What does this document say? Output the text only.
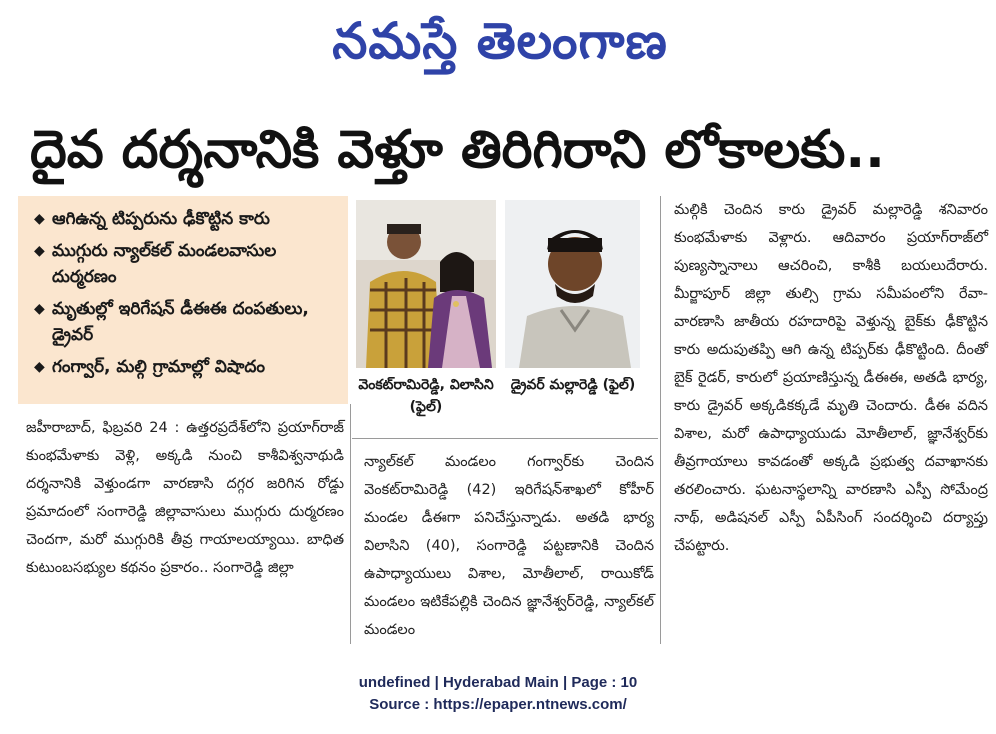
నమస్తే తెలంగాణ
దైవ దర్శనానికి వెళ్తూ తిరిగిరాని లోకాలకు..
◆ ఆగిఉన్న టిప్పరును ఢీకొట్టిన కారు
◆ ముగ్గురు న్యాల్‌కల్ మండలవాసుల దుర్మరణం
◆ మృతుల్లో ఇరిగేషన్ డీఈఈ దంపతులు, డ్రైవర్
◆ గంగ్వార్, మల్గి గ్రామాల్లో విషాదం
వెంకట్‌రామిరెడ్డి, విలాసిని (ఫైల్)
డ్రైవర్ మల్లారెడ్డి (ఫైల్)

జహీరాబాద్, ఫిబ్రవరి 24 : ఉత్తరప్రదేశ్‌లోని ప్రయాగ్‌రాజ్ కుంభమేళాకు వెళ్లి, అక్కడి నుంచి కాశీవిశ్వనాథుడి దర్శనానికి వెళ్తుండగా వారణాసి దగ్గర జరిగిన రోడ్డు ప్రమాదంలో సంగారెడ్డి జిల్లావాసులు ముగ్గురు దుర్మరణం చెందగా, మరో ముగ్గురికి తీవ్ర గాయాలయ్యాయి. బాధిత కుటుంబసభ్యుల కథనం ప్రకారం.. సంగారెడ్డి జిల్లా

న్యాల్‌కల్ మండలం గంగ్వార్‌కు చెందిన వెంకట్‌రామిరెడ్డి (42) ఇరిగేషన్‌శాఖలో కోహీర్ మండల డీఈగా పనిచేస్తున్నాడు. అతడి భార్య విలాసిని (40), సంగారెడ్డి పట్టణానికి చెందిన ఉపాధ్యాయులు విశాల, మోతీలాల్, రాయికోడ్ మండలం ఇటికేపల్లికి చెందిన జ్ఞానేశ్వర్‌రెడ్డి, న్యాల్‌కల్ మండలం

మల్గికి చెందిన కారు డ్రైవర్ మల్లారెడ్డి శనివారం కుంభమేళాకు వెళ్లారు. ఆదివారం ప్రయాగ్‌రాజ్‌లో పుణ్యస్నానాలు ఆచరించి, కాశీకి బయలుదేరారు. మీర్జాపూర్ జిల్లా తుల్సి గ్రామ సమీపంలోని రేవా- వారణాసి జాతీయ రహదారిపై వెళ్తున్న బైక్‌కు ఢీకొట్టిన కారు అదుపుతప్పి ఆగి ఉన్న టిప్పర్‌కు ఢీకొట్టింది. దీంతో బైక్ రైడర్, కారులో ప్రయాణిస్తున్న డీఈఈ, అతడి భార్య, కారు డ్రైవర్ అక్కడికక్కడే మృతి చెందారు. డీఈ వదిన విశాల, మరో ఉపాధ్యాయుడు మోతీలాల్, జ్ఞానేశ్వర్‌కు తీవ్రగాయాలు కావడంతో అక్కడి ప్రభుత్వ దవాఖానకు తరలించారు. ఘటనాస్థలాన్ని వారణాసి ఎస్పీ సోమేంద్ర నాథ్, అడిషనల్ ఎస్పీ ఏపీసింగ్ సందర్శించి దర్యాప్తు చేపట్టారు.

undefined | Hyderabad Main | Page : 10
Source : https://epaper.ntnews.com/
